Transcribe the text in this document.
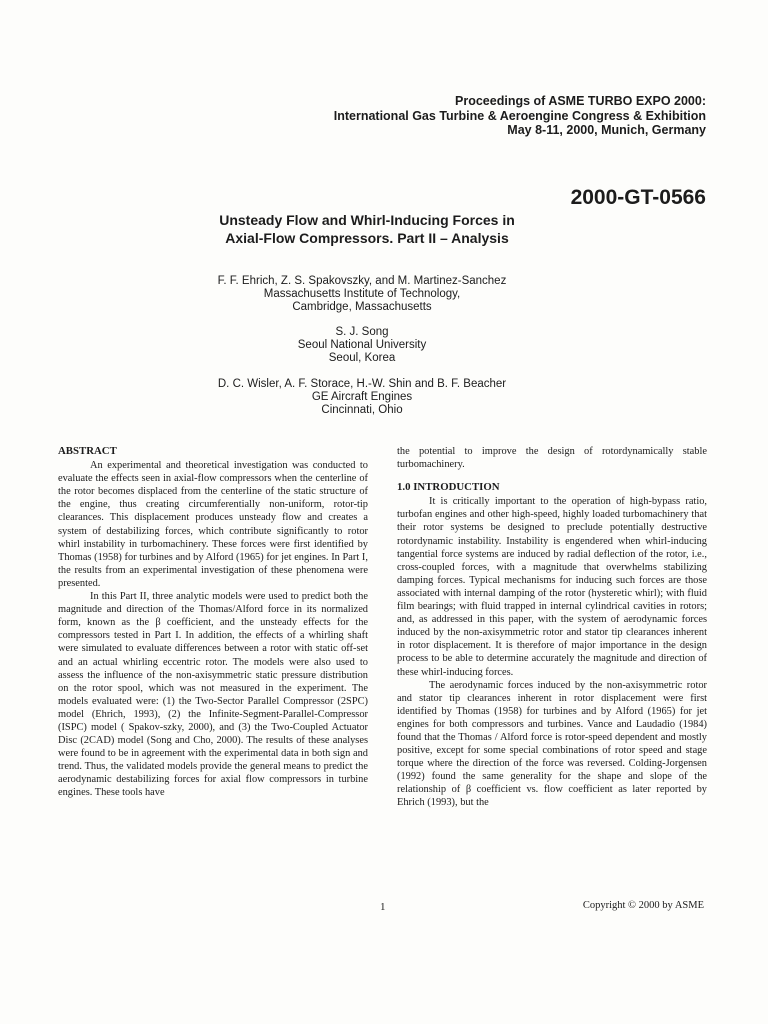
Proceedings of ASME TURBO EXPO 2000:
International Gas Turbine & Aeroengine Congress & Exhibition
May 8-11, 2000, Munich, Germany
2000-GT-0566
Unsteady Flow and Whirl-Inducing Forces in
Axial-Flow Compressors. Part II – Analysis
F. F. Ehrich, Z. S. Spakovszky, and M. Martinez-Sanchez
Massachusetts Institute of Technology,
Cambridge, Massachusetts
S. J. Song
Seoul National University
Seoul, Korea
D. C. Wisler, A. F. Storace, H.-W. Shin and B. F. Beacher
GE Aircraft Engines
Cincinnati, Ohio
ABSTRACT

An experimental and theoretical investigation was conducted to evaluate the effects seen in axial-flow compressors when the centerline of the rotor becomes displaced from the centerline of the static structure of the engine, thus creating circumferentially non-uniform, rotor-tip clearances. This displacement produces unsteady flow and creates a system of destabilizing forces, which contribute significantly to rotor whirl instability in turbomachinery. These forces were first identified by Thomas (1958) for turbines and by Alford (1965) for jet engines. In Part I, the results from an experimental investigation of these phenomena were presented.

In this Part II, three analytic models were used to predict both the magnitude and direction of the Thomas/Alford force in its normalized form, known as the β coefficient, and the unsteady effects for the compressors tested in Part I. In addition, the effects of a whirling shaft were simulated to evaluate differences between a rotor with static off-set and an actual whirling eccentric rotor. The models were also used to assess the influence of the non-axisymmetric static pressure distribution on the rotor spool, which was not measured in the experiment. The models evaluated were: (1) the Two-Sector Parallel Compressor (2SPC) model (Ehrich, 1993), (2) the Infinite-Segment-Parallel-Compressor (ISPC) model ( Spakov-szky, 2000), and (3) the Two-Coupled Actuator Disc (2CAD) model (Song and Cho, 2000). The results of these analyses were found to be in agreement with the experimental data in both sign and trend. Thus, the validated models provide the general means to predict the aerodynamic destabilizing forces for axial flow compressors in turbine engines. These tools have

the potential to improve the design of rotordynamically stable turbomachinery.

1.0 INTRODUCTION

It is critically important to the operation of high-bypass ratio, turbofan engines and other high-speed, highly loaded turbomachinery that their rotor systems be designed to preclude potentially destructive rotordynamic instability. Instability is engendered when whirl-inducing tangential force systems are induced by radial deflection of the rotor, i.e., cross-coupled forces, with a magnitude that overwhelms stabilizing damping forces. Typical mechanisms for inducing such forces are those associated with internal damping of the rotor (hysteretic whirl); with fluid film bearings; with fluid trapped in internal cylindrical cavities in rotors; and, as addressed in this paper, with the system of aerodynamic forces induced by the non-axisymmetric rotor and stator tip clearances inherent in rotor displacement. It is therefore of major importance in the design process to be able to determine accurately the magnitude and direction of these whirl-inducing forces.

The aerodynamic forces induced by the non-axisymmetric rotor and stator tip clearances inherent in rotor displacement were first identified by Thomas (1958) for turbines and by Alford (1965) for jet engines for both compressors and turbines. Vance and Laudadio (1984) found that the Thomas / Alford force is rotor-speed dependent and mostly positive, except for some special combinations of rotor speed and stage torque where the direction of the force was reversed. Colding-Jorgensen (1992) found the same generality for the shape and slope of the relationship of β coefficient vs. flow coefficient as later reported by Ehrich (1993), but the

1	Copyright © 2000 by ASME
